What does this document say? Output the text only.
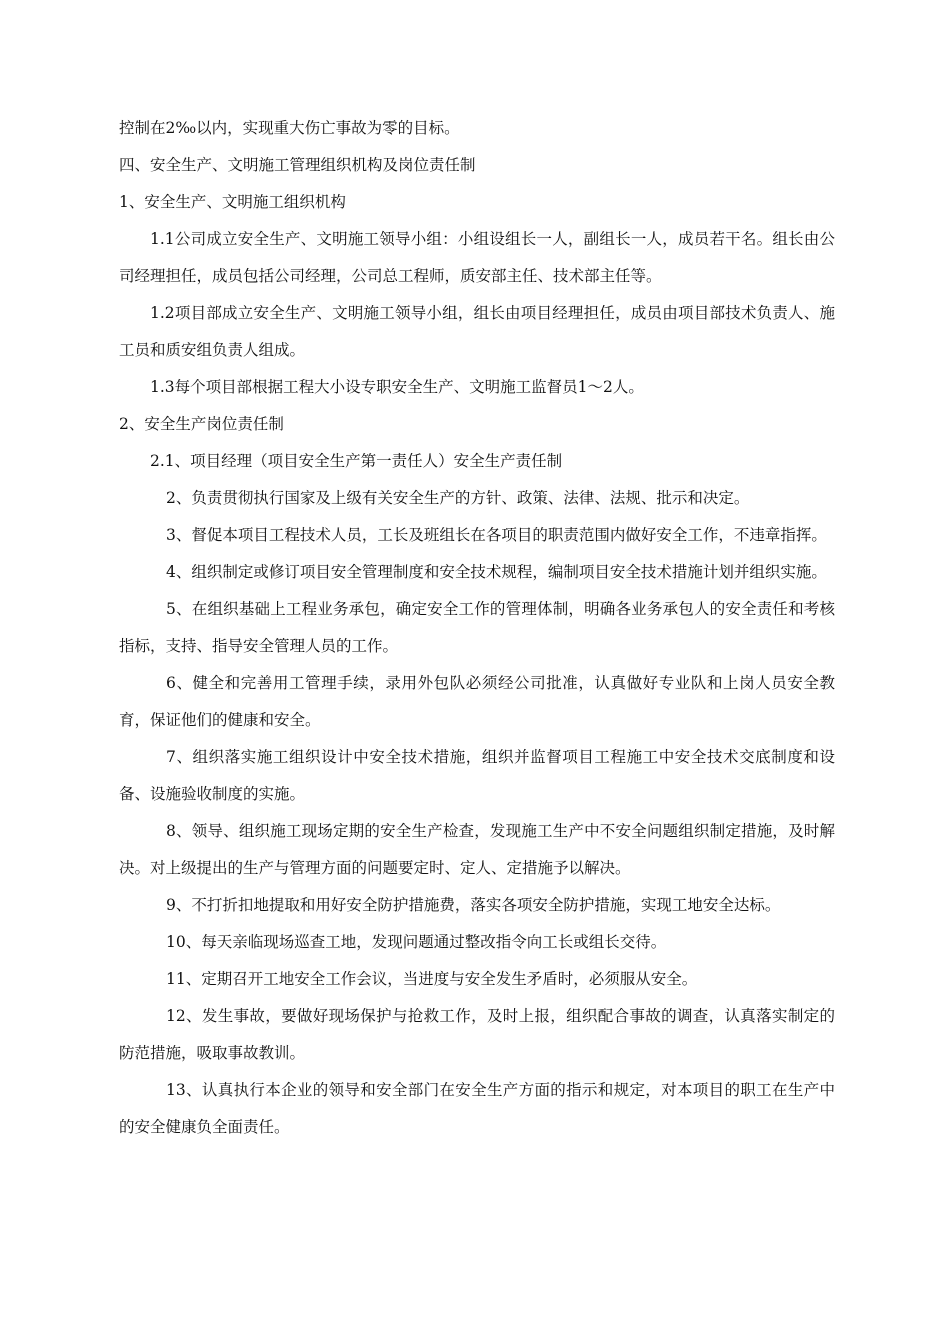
控制在2‰以内，实现重大伤亡事故为零的目标。

四、安全生产、文明施工管理组织机构及岗位责任制

1、安全生产、文明施工组织机构

1.1公司成立安全生产、文明施工领导小组：小组设组长一人，副组长一人，成员若干名。组长由公司经理担任，成员包括公司经理，公司总工程师，质安部主任、技术部主任等。

1.2项目部成立安全生产、文明施工领导小组，组长由项目经理担任，成员由项目部技术负责人、施工员和质安组负责人组成。

1.3每个项目部根据工程大小设专职安全生产、文明施工监督员1～2人。

2、安全生产岗位责任制

2.1、项目经理（项目安全生产第一责任人）安全生产责任制

2、负责贯彻执行国家及上级有关安全生产的方针、政策、法律、法规、批示和决定。

3、督促本项目工程技术人员，工长及班组长在各项目的职责范围内做好安全工作，不违章指挥。

4、组织制定或修订项目安全管理制度和安全技术规程，编制项目安全技术措施计划并组织实施。

5、在组织基础上工程业务承包，确定安全工作的管理体制，明确各业务承包人的安全责任和考核指标，支持、指导安全管理人员的工作。

6、健全和完善用工管理手续，录用外包队必须经公司批准，认真做好专业队和上岗人员安全教育，保证他们的健康和安全。

7、组织落实施工组织设计中安全技术措施，组织并监督项目工程施工中安全技术交底制度和设备、设施验收制度的实施。

8、领导、组织施工现场定期的安全生产检查，发现施工生产中不安全问题组织制定措施，及时解决。对上级提出的生产与管理方面的问题要定时、定人、定措施予以解决。

9、不打折扣地提取和用好安全防护措施费，落实各项安全防护措施，实现工地安全达标。

10、每天亲临现场巡查工地，发现问题通过整改指令向工长或组长交待。

11、定期召开工地安全工作会议，当进度与安全发生矛盾时，必须服从安全。

12、发生事故，要做好现场保护与抢救工作，及时上报，组织配合事故的调查，认真落实制定的防范措施，吸取事故教训。

13、认真执行本企业的领导和安全部门在安全生产方面的指示和规定，对本项目的职工在生产中的安全健康负全面责任。
